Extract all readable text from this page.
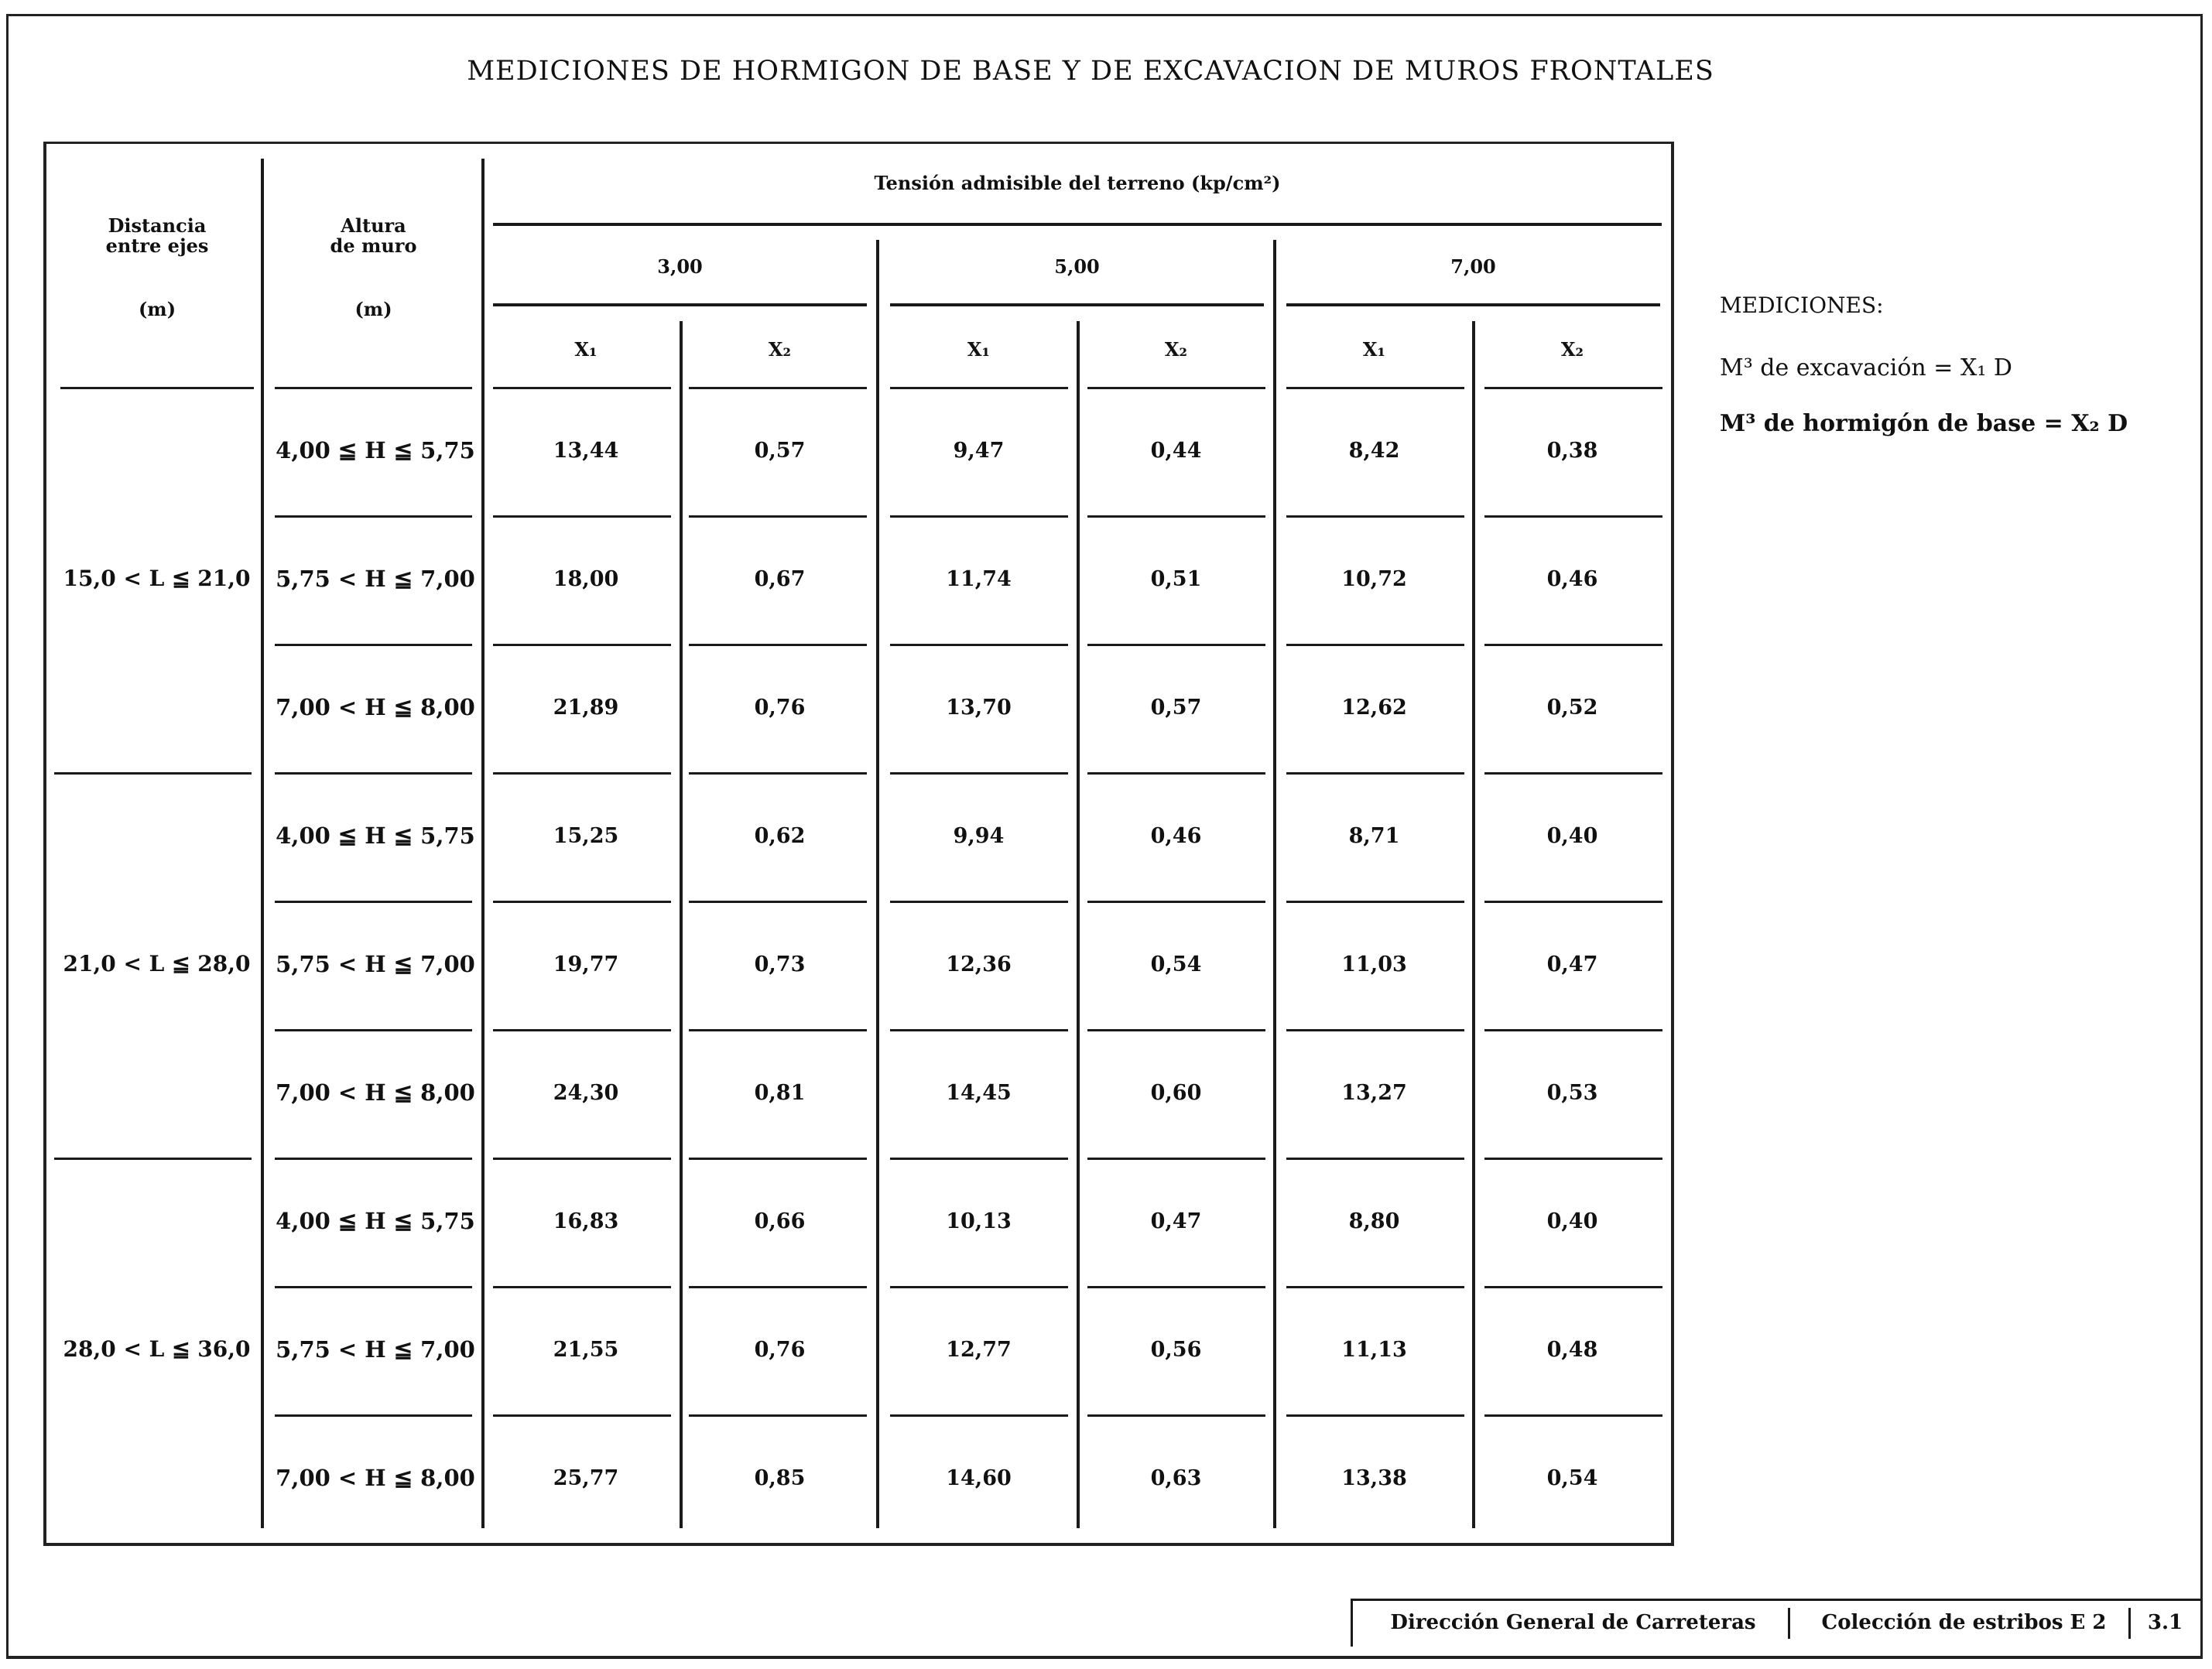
MEDICIONES DE HORMIGON DE BASE Y DE EXCAVACION DE MUROS FRONTALES
Distancia
entre ejes
(m)
Altura
de muro
(m)
Tensión admisible del terreno (kp/cm²)
3,00	5,00	7,00
X₁	X₂	X₁	X₂	X₁	X₂
15,0 < L ≦ 21,0
4,00 ≦ H ≦ 5,75	13,44	0,57	9,47	0,44	8,42	0,38
5,75 < H ≦ 7,00	18,00	0,67	11,74	0,51	10,72	0,46
7,00 < H ≦ 8,00	21,89	0,76	13,70	0,57	12,62	0,52
21,0 < L ≦ 28,0
4,00 ≦ H ≦ 5,75	15,25	0,62	9,94	0,46	8,71	0,40
5,75 < H ≦ 7,00	19,77	0,73	12,36	0,54	11,03	0,47
7,00 < H ≦ 8,00	24,30	0,81	14,45	0,60	13,27	0,53
28,0 < L ≦ 36,0
4,00 ≦ H ≦ 5,75	16,83	0,66	10,13	0,47	8,80	0,40
5,75 < H ≦ 7,00	21,55	0,76	12,77	0,56	11,13	0,48
7,00 < H ≦ 8,00	25,77	0,85	14,60	0,63	13,38	0,54
MEDICIONES:
M³ de excavación = X₁ D
M³ de hormigón de base = X₂ D
Dirección General de Carreteras	Colección de estribos E 2	3.1
